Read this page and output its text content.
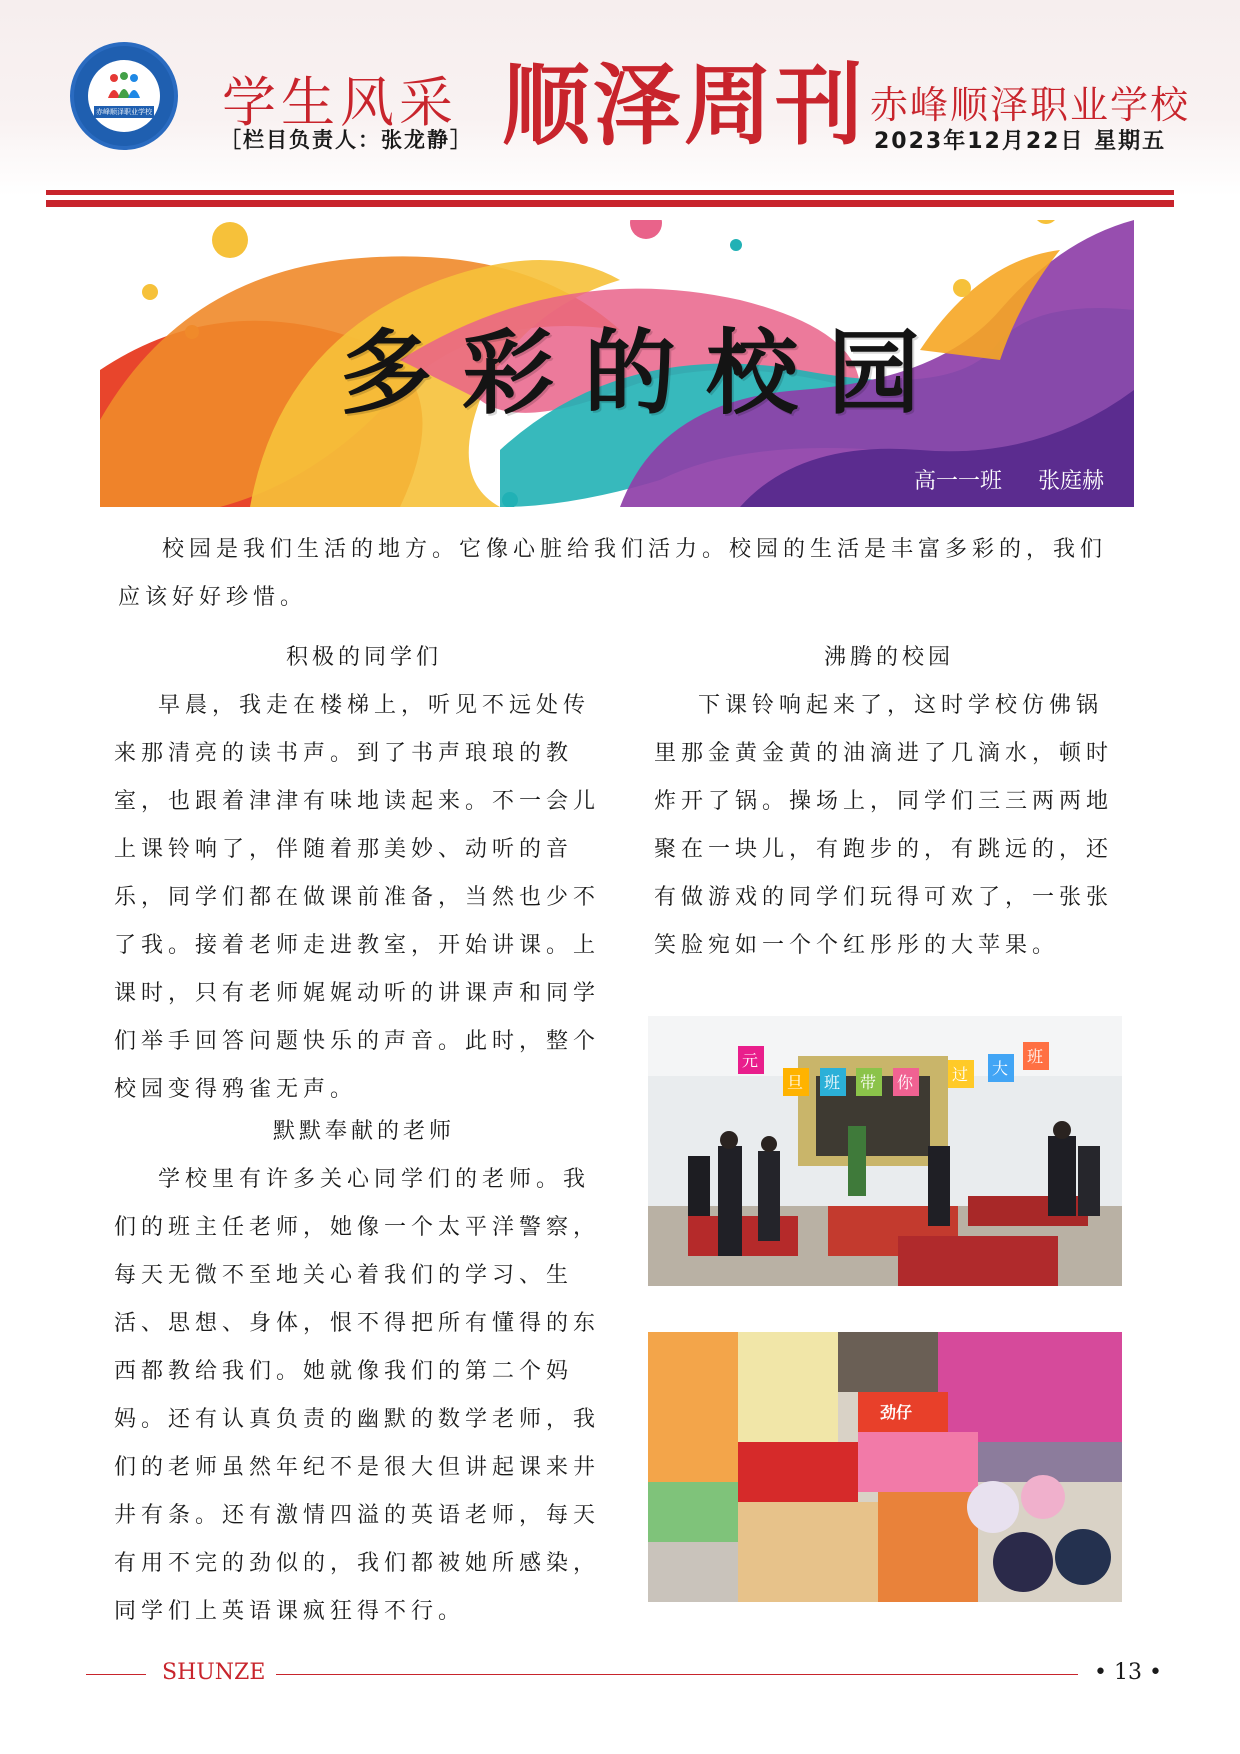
赤峰顺泽职业学校 学生风采
［栏目负责人：张龙静］ 顺泽周刊 赤峰顺泽职业学校
2023年12月22日 星期五
多彩的校园
高一一班 张庭赫

校园是我们生活的地方。它像心脏给我们活力。校园的生活是丰富多彩的，我们应该好好珍惜。

积极的同学们

早晨，我走在楼梯上，听见不远处传来那清亮的读书声。到了书声琅琅的教室，也跟着津津有味地读起来。不一会儿上课铃响了，伴随着那美妙、动听的音乐，同学们都在做课前准备，当然也少不了我。接着老师走进教室，开始讲课。上课时，只有老师娓娓动听的讲课声和同学们举手回答问题快乐的声音。此时，整个校园变得鸦雀无声。

默默奉献的老师

学校里有许多关心同学们的老师。我们的班主任老师，她像一个太平洋警察，每天无微不至地关心着我们的学习、生活、思想、身体，恨不得把所有懂得的东西都教给我们。她就像我们的第二个妈妈。还有认真负责的幽默的数学老师，我们的老师虽然年纪不是很大但讲起课来井井有条。还有激情四溢的英语老师，每天有用不完的劲似的，我们都被她所感染，同学们上英语课疯狂得不行。

沸腾的校园

下课铃响起来了，这时学校仿佛锅里那金黄金黄的油滴进了几滴水，顿时炸开了锅。操场上，同学们三三两两地聚在一块儿，有跑步的，有跳远的，还有做游戏的同学们玩得可欢了，一张张笑脸宛如一个个红彤彤的大苹果。

元
旦 班 带 你 过 大
班
劲仔
SHUNZE	• 13 •
